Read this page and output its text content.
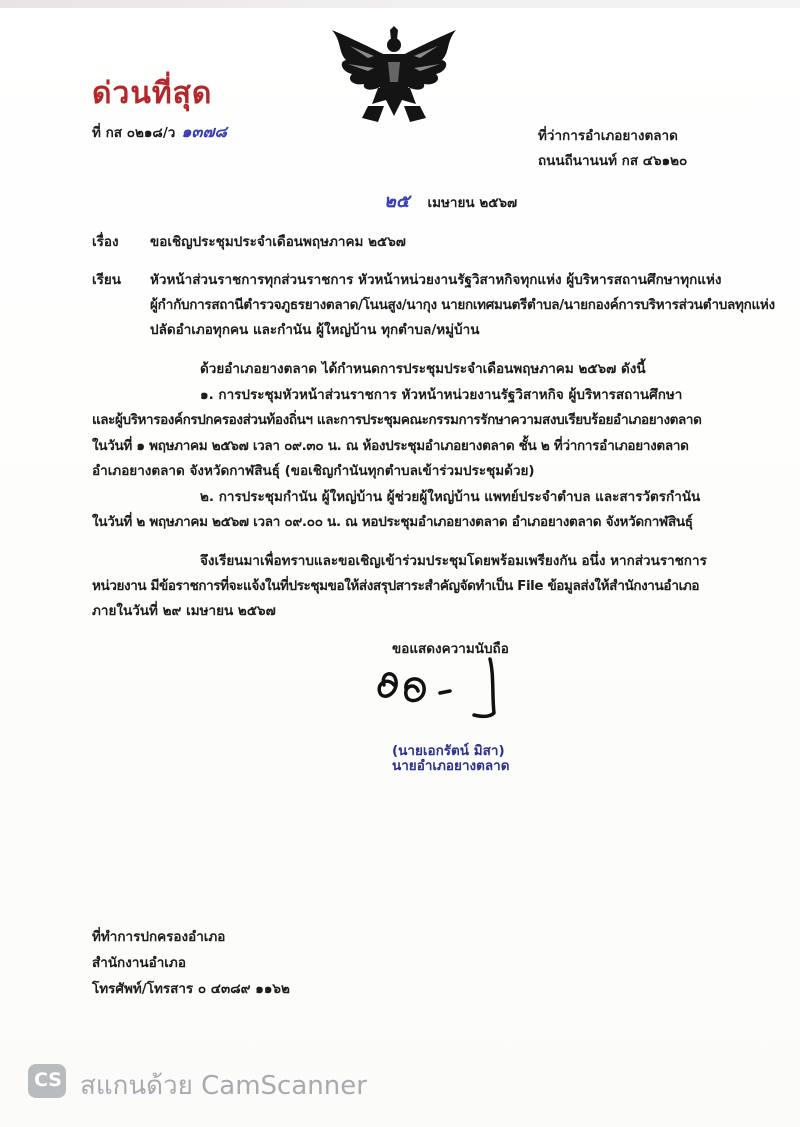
ด่วนที่สุด
ที่ กส ๐๒๑๘/ว ๑๓๗๘	ที่ว่าการอำเภอยางตลาด
ถนนถีนานนท์ กส ๔๖๑๒๐
๒๕ เมษายน ๒๕๖๗
เรื่อง ขอเชิญประชุมประจำเดือนพฤษภาคม ๒๕๖๗
เรียน หัวหน้าส่วนราชการทุกส่วนราชการ หัวหน้าหน่วยงานรัฐวิสาหกิจทุกแห่ง ผู้บริหารสถานศึกษาทุกแห่ง
ผู้กำกับการสถานีตำรวจภูธรยางตลาด/โนนสูง/นากุง นายกเทศมนตรีตำบล/นายกองค์การบริหารส่วนตำบลทุกแห่ง
ปลัดอำเภอทุกคน และกำนัน ผู้ใหญ่บ้าน ทุกตำบล/หมู่บ้าน
ด้วยอำเภอยางตลาด ได้กำหนดการประชุมประจำเดือนพฤษภาคม ๒๕๖๗ ดังนี้
๑. การประชุมหัวหน้าส่วนราชการ หัวหน้าหน่วยงานรัฐวิสาหกิจ ผู้บริหารสถานศึกษา
และผู้บริหารองค์กรปกครองส่วนท้องถิ่นฯ และการประชุมคณะกรรมการรักษาความสงบเรียบร้อยอำเภอยางตลาด
ในวันที่ ๑ พฤษภาคม ๒๕๖๗ เวลา ๐๙.๓๐ น. ณ ห้องประชุมอำเภอยางตลาด ชั้น ๒ ที่ว่าการอำเภอยางตลาด
อำเภอยางตลาด จังหวัดกาฬสินธุ์ (ขอเชิญกำนันทุกตำบลเข้าร่วมประชุมด้วย)
๒. การประชุมกำนัน ผู้ใหญ่บ้าน ผู้ช่วยผู้ใหญ่บ้าน แพทย์ประจำตำบล และสารวัตรกำนัน
ในวันที่ ๒ พฤษภาคม ๒๕๖๗ เวลา ๐๙.๐๐ น. ณ หอประชุมอำเภอยางตลาด อำเภอยางตลาด จังหวัดกาฬสินธุ์
จึงเรียนมาเพื่อทราบและขอเชิญเข้าร่วมประชุมโดยพร้อมเพรียงกัน อนึ่ง หากส่วนราชการ
หน่วยงาน มีข้อราชการที่จะแจ้งในที่ประชุมขอให้ส่งสรุปสาระสำคัญจัดทำเป็น File ข้อมูลส่งให้สำนักงานอำเภอ
ภายในวันที่ ๒๙ เมษายน ๒๕๖๗
ขอแสดงความนับถือ
(นายเอกรัตน์ มิสา)
นายอำเภอยางตลาด
ที่ทำการปกครองอำเภอ
สำนักงานอำเภอ
โทรศัพท์/โทรสาร ๐ ๔๓๘๙ ๑๑๖๒
CS สแกนด้วย CamScanner
